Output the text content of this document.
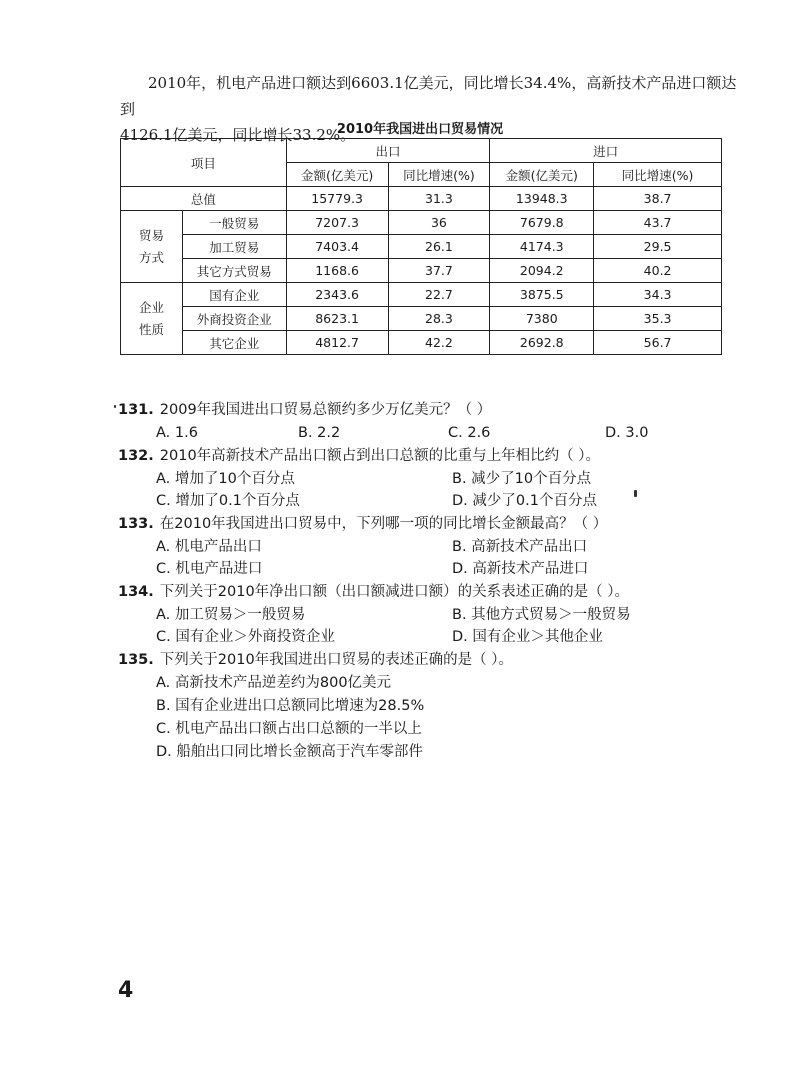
2010年，机电产品进口额达到6603.1亿美元，同比增长34.4%，高新技术产品进口额达到
4126.1亿美元，同比增长33.2%。

2010年我国进出口贸易情况
项目		出口		进口	
		金额(亿美元)	同比增速(%)	金额(亿美元)	同比增速(%)
总值		15779.3	31.3	13948.3	38.7
贸易方式	一般贸易	7207.3	36	7679.8	43.7
	加工贸易	7403.4	26.1	4174.3	29.5
	其它方式贸易	1168.6	37.7	2094.2	40.2
企业性质	国有企业	2343.6	22.7	3875.5	34.3
	外商投资企业	8623.1	28.3	7380	35.3
	其它企业	4812.7	42.2	2692.8	56.7
131. 2009年我国进出口贸易总额约多少万亿美元？（ ）
A. 1.6	B. 2.2	C. 2.6	D. 3.0
132. 2010年高新技术产品出口额占到出口总额的比重与上年相比约（ ）。
A. 增加了10个百分点	B. 减少了10个百分点
C. 增加了0.1个百分点	D. 减少了0.1个百分点
133. 在2010年我国进出口贸易中，下列哪一项的同比增长金额最高？（ ）
A. 机电产品出口	B. 高新技术产品出口
C. 机电产品进口	D. 高新技术产品进口
134. 下列关于2010年净出口额（出口额减进口额）的关系表述正确的是（ ）。
A. 加工贸易＞一般贸易	B. 其他方式贸易＞一般贸易
C. 国有企业＞外商投资企业	D. 国有企业＞其他企业
135. 下列关于2010年我国进出口贸易的表述正确的是（ ）。
A. 高新技术产品逆差约为800亿美元
B. 国有企业进出口总额同比增速为28.5%
C. 机电产品出口额占出口总额的一半以上
D. 船舶出口同比增长金额高于汽车零部件
4
